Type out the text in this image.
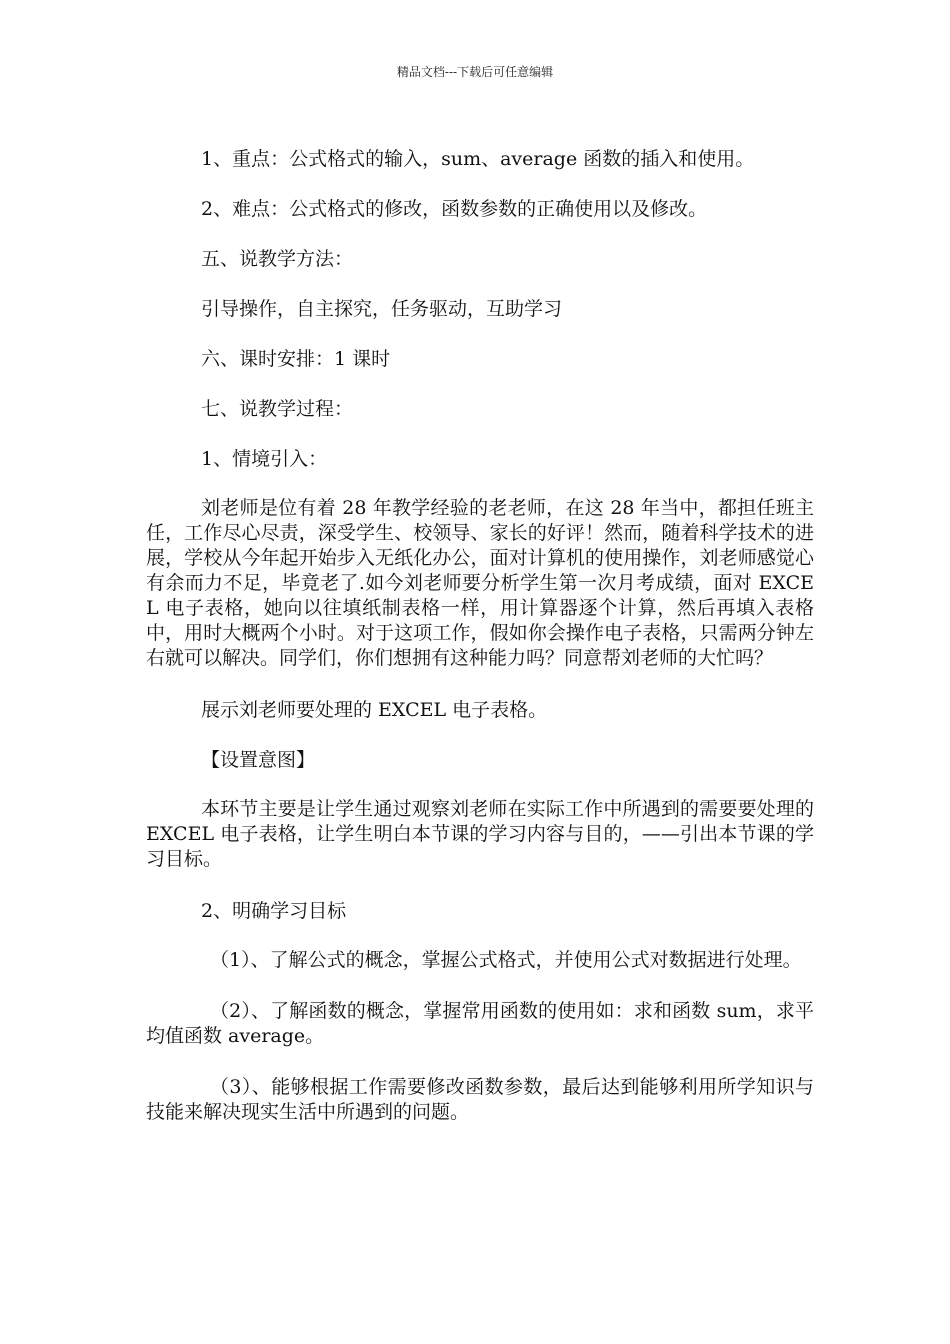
精品文档---下载后可任意编辑

1、重点：公式格式的输入，sum、average 函数的插入和使用。

2、难点：公式格式的修改，函数参数的正确使用以及修改。

五、说教学方法：

引导操作，自主探究，任务驱动，互助学习

六、课时安排：1 课时

七、说教学过程：

1、情境引入：

刘老师是位有着 28 年教学经验的老老师，在这 28 年当中，都担任班主任，工作尽心尽责，深受学生、校领导、家长的好评！然而，随着科学技术的进展，学校从今年起开始步入无纸化办公，面对计算机的使用操作，刘老师感觉心有余而力不足，毕竟老了.如今刘老师要分析学生第一次月考成绩，面对 EXCEL 电子表格，她向以往填纸制表格一样，用计算器逐个计算，然后再填入表格中，用时大概两个小时。对于这项工作，假如你会操作电子表格，只需两分钟左右就可以解决。同学们，你们想拥有这种能力吗？同意帮刘老师的大忙吗？

展示刘老师要处理的 EXCEL 电子表格。

【设置意图】

本环节主要是让学生通过观察刘老师在实际工作中所遇到的需要要处理的 EXCEL 电子表格，让学生明白本节课的学习内容与目的，——引出本节课的学习目标。

2、明确学习目标

（1）、了解公式的概念，掌握公式格式，并使用公式对数据进行处理。

（2）、了解函数的概念，掌握常用函数的使用如：求和函数 sum，求平均值函数 average。

（3）、能够根据工作需要修改函数参数，最后达到能够利用所学知识与技能来解决现实生活中所遇到的问题。
